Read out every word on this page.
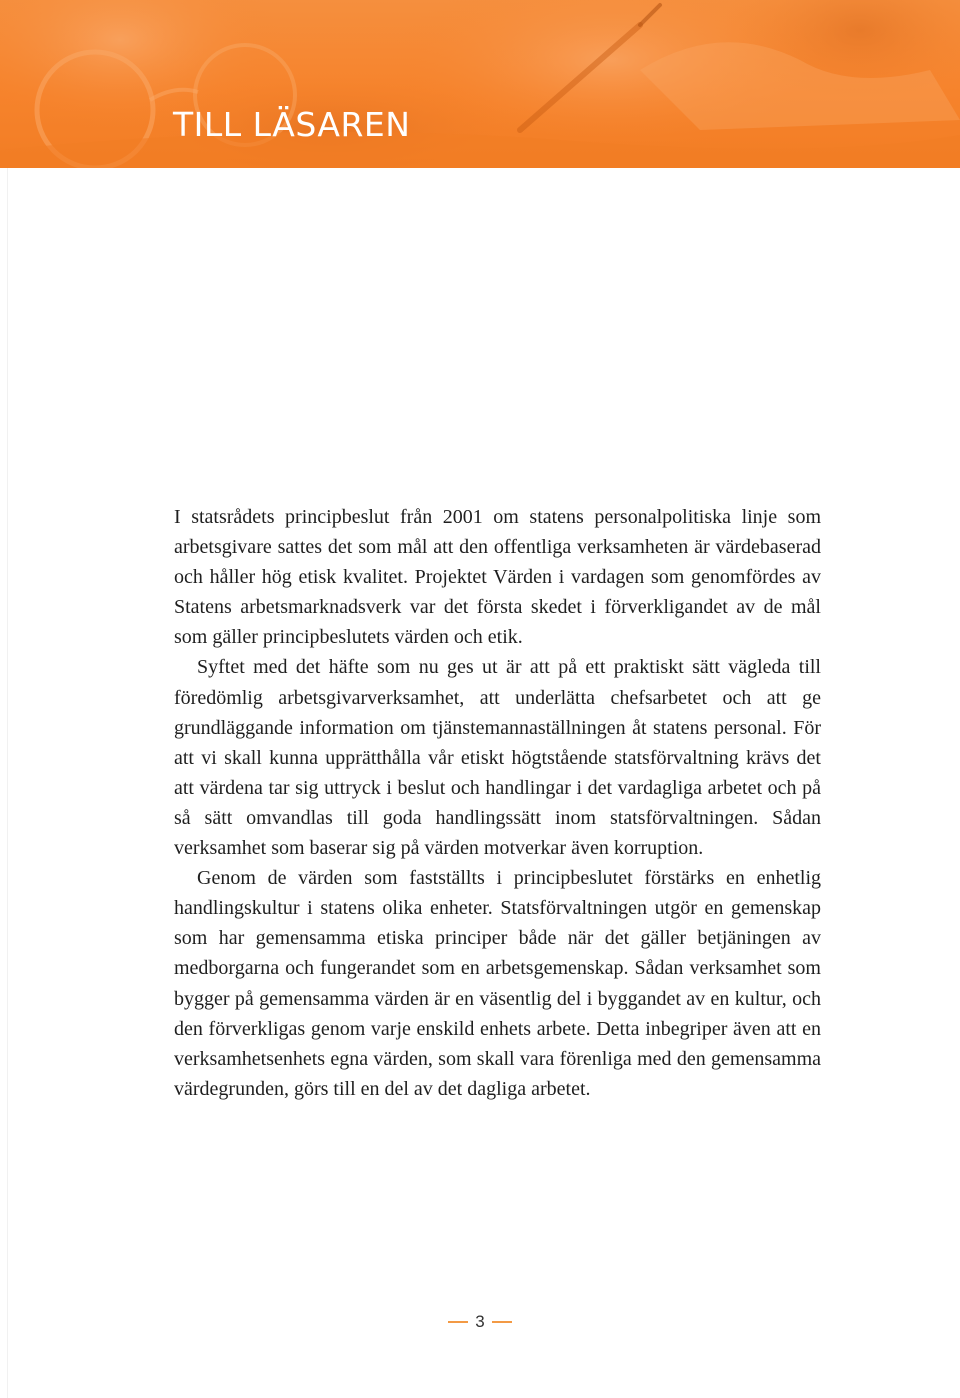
TILL LÄSAREN

I statsrådets principbeslut från 2001 om statens personalpolitiska linje som arbetsgivare sattes det som mål att den offentliga verksamheten är värdebaserad och håller hög etisk kvalitet. Projektet Värden i vardagen som genomfördes av Statens arbetsmarknadsverk var det första skedet i förverkligandet av de mål som gäller principbeslutets värden och etik.

Syftet med det häfte som nu ges ut är att på ett praktiskt sätt vägleda till föredömlig arbetsgivarverksamhet, att underlätta chefsarbetet och att ge grundläggande information om tjänstemannaställningen åt statens personal. För att vi skall kunna upprätthålla vår etiskt högtstående statsförvaltning krävs det att värdena tar sig uttryck i beslut och handlingar i det vardagliga arbetet och på så sätt omvandlas till goda handlingssätt inom statsförvaltningen. Sådan verksamhet som baserar sig på värden motverkar även korruption.

Genom de värden som fastställts i principbeslutet förstärks en enhetlig handlingskultur i statens olika enheter. Statsförvaltningen utgör en gemenskap som har gemensamma etiska principer både när det gäller betjäningen av medborgarna och fungerandet som en arbetsgemenskap. Sådan verksamhet som bygger på gemensamma värden är en väsentlig del i byggandet av en kultur, och den förverkligas genom varje enskild enhets arbete. Detta inbegriper även att en verksamhetsenhets egna värden, som skall vara förenliga med den gemensamma värdegrunden, görs till en del av det dagliga arbetet.

3
